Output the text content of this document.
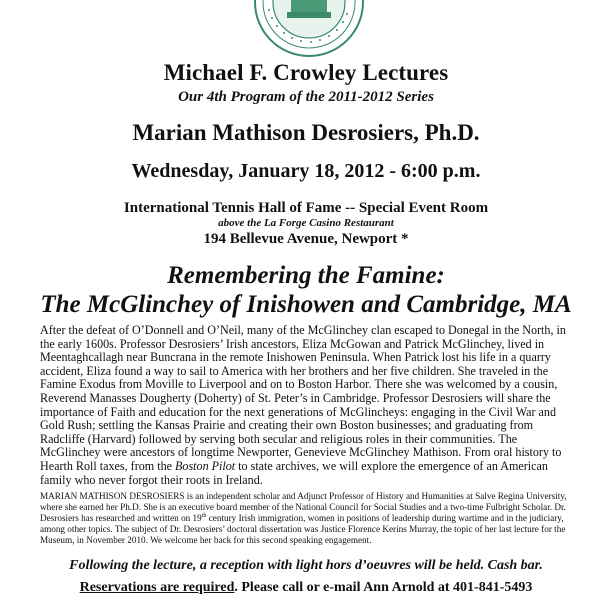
Michael F. Crowley Lectures
Our 4th Program of the 2011-2012 Series
Marian Mathison Desrosiers, Ph.D.
Wednesday, January 18, 2012 - 6:00 p.m.
International Tennis Hall of Fame -- Special Event Room
above the La Forge Casino Restaurant
194 Bellevue Avenue, Newport *
Remembering the Famine:
The McGlinchey of Inishowen and Cambridge, MA
After the defeat of O’Donnell and O’Neil, many of the McGlinchey clan escaped to Donegal in the North, in the early 1600s. Professor Desrosiers’ Irish ancestors, Eliza McGowan and Patrick McGlinchey, lived in Meentaghcallagh near Buncrana in the remote Inishowen Peninsula. When Patrick lost his life in a quarry accident, Eliza found a way to sail to America with her brothers and her five children. She traveled in the Famine Exodus from Moville to Liverpool and on to Boston Harbor. There she was welcomed by a cousin, Reverend Manasses Dougherty (Doherty) of St. Peter’s in Cambridge. Professor Desrosiers will share the importance of Faith and education for the next generations of McGlincheys: engaging in the Civil War and Gold Rush; settling the Kansas Prairie and creating their own Boston businesses; and graduating from Radcliffe (Harvard) followed by serving both secular and religious roles in their communities. The McGlinchey were ancestors of longtime Newporter, Genevieve McGlinchey Mathison. From oral history to Hearth Roll taxes, from the Boston Pilot to state archives, we will explore the emergence of an American family who never forgot their roots in Ireland.
MARIAN MATHISON DESROSIERS is an independent scholar and Adjunct Professor of History and Humanities at Salve Regina University, where she earned her Ph.D. She is an executive board member of the National Council for Social Studies and a two-time Fulbright Scholar. Dr. Desrosiers has researched and written on 19th century Irish immigration, women in positions of leadership during wartime and in the judiciary, among other topics. The subject of Dr. Desrosiers’ doctoral dissertation was Justice Florence Kerins Murray, the topic of her last lecture for the Museum, in November 2010. We welcome her back for this second speaking engagement.
Following the lecture, a reception with light hors d’oeuvres will be held. Cash bar.
Reservations are required. Please call or e-mail Ann Arnold at 401-841-5493
